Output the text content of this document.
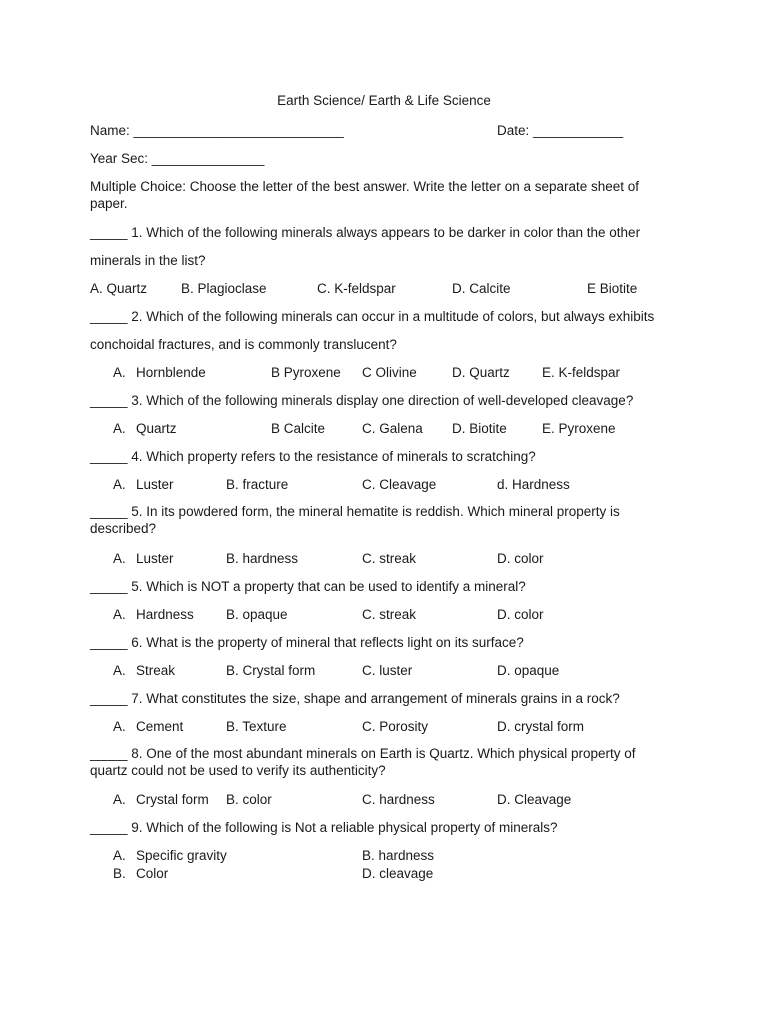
Earth Science/ Earth & Life Science
Name: ____________________________	Date: ____________
Year Sec: _______________
Multiple Choice: Choose the letter of the best answer. Write the letter on a separate sheet of paper.
_____ 1. Which of the following minerals always appears to be darker in color than the other
minerals in the list?
A. Quartz	B. Plagioclase	C. K-feldspar	D. Calcite	E Biotite
_____ 2. Which of the following minerals can occur in a multitude of colors, but always exhibits
conchoidal fractures, and is commonly translucent?
A. Hornblende	B Pyroxene C Olivine	D. Quartz E. K-feldspar
_____ 3. Which of the following minerals display one direction of well-developed cleavage?
A. Quartz	B Calcite	C. Galena D. Biotite	E. Pyroxene
_____ 4. Which property refers to the resistance of minerals to scratching?
A. Luster	B. fracture	C. Cleavage	d. Hardness
_____ 5. In its powdered form, the mineral hematite is reddish. Which mineral property is described?
A. Luster	B. hardness	C. streak	D. color
_____ 5. Which is NOT a property that can be used to identify a mineral?
A. Hardness B. opaque	C. streak	D. color
_____ 6. What is the property of mineral that reflects light on its surface?
A. Streak	B. Crystal form	C. luster	D. opaque
_____ 7. What constitutes the size, shape and arrangement of minerals grains in a rock?
A. Cement	B. Texture	C. Porosity	D. crystal form
_____ 8. One of the most abundant minerals on Earth is Quartz. Which physical property of quartz could not be used to verify its authenticity?
A. Crystal form B. color	C. hardness	D. Cleavage
_____ 9. Which of the following is Not a reliable physical property of minerals?
A. Specific gravity	B. hardness
B. Color	D. cleavage
